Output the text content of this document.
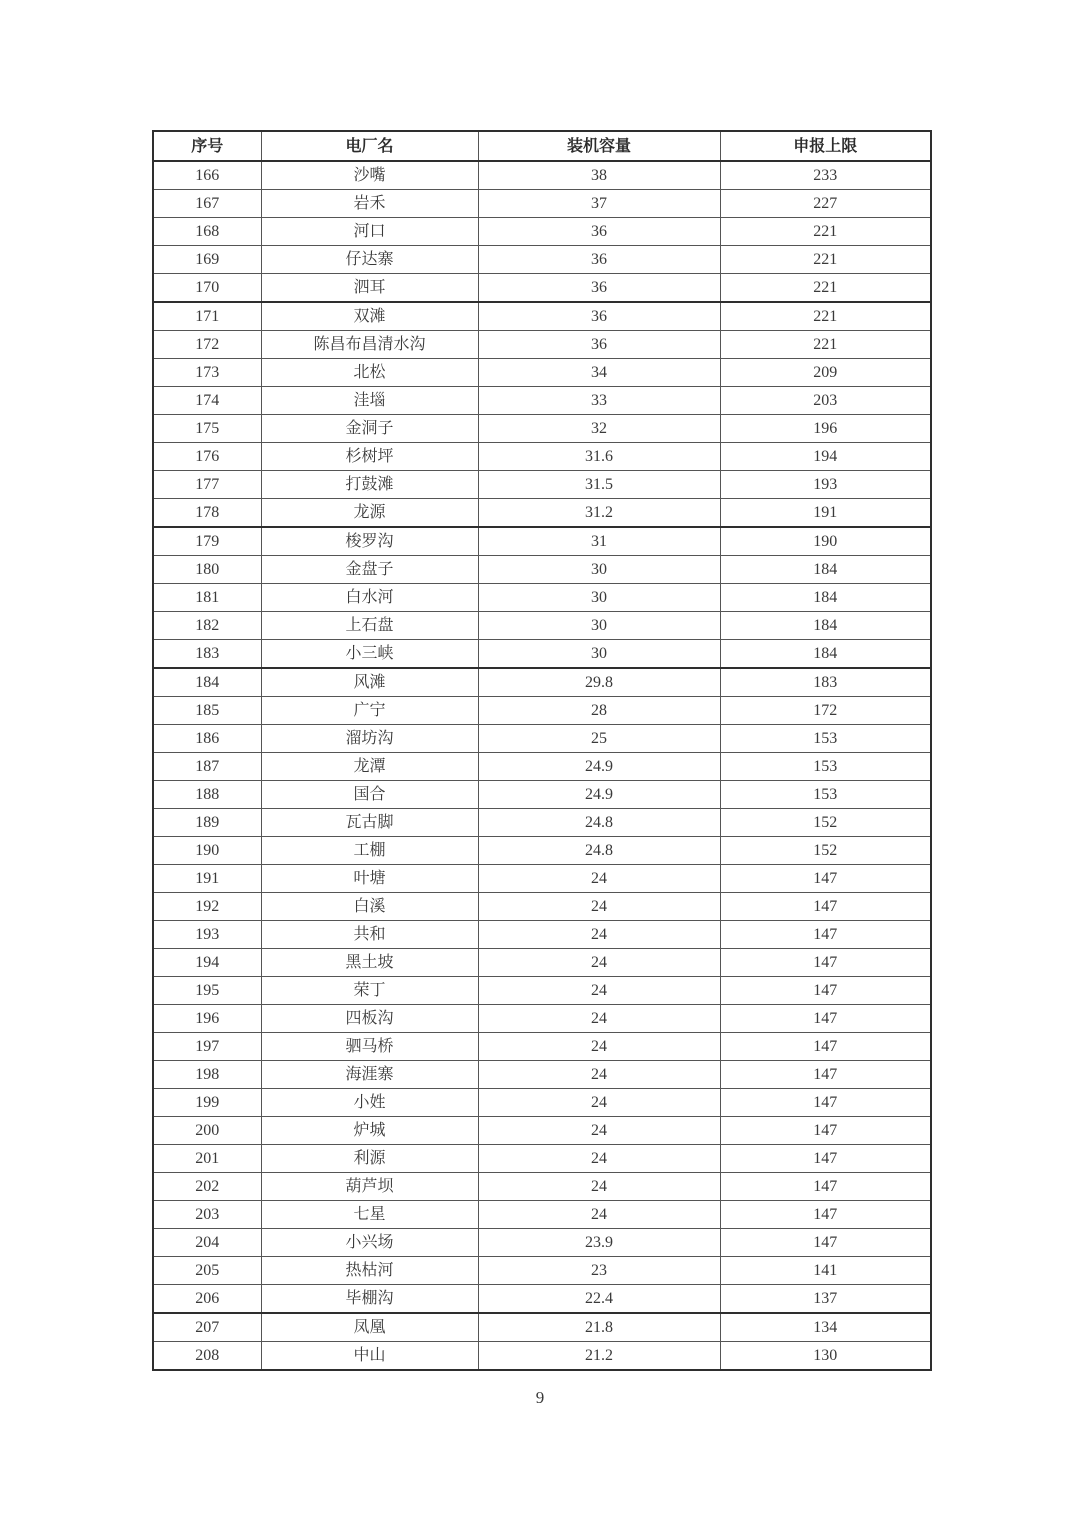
序号	电厂名	装机容量	申报上限
166	沙嘴	38	233
167	岩禾	37	227
168	河口	36	221
169	仔达寨	36	221
170	泗耳	36	221
171	双滩	36	221
172	陈昌布昌清水沟	36	221
173	北松	34	209
174	洼堖	33	203
175	金洞子	32	196
176	杉树坪	31.6	194
177	打鼓滩	31.5	193
178	龙源	31.2	191
179	梭罗沟	31	190
180	金盘子	30	184
181	白水河	30	184
182	上石盘	30	184
183	小三峡	30	184
184	风滩	29.8	183
185	广宁	28	172
186	溜坊沟	25	153
187	龙潭	24.9	153
188	国合	24.9	153
189	瓦古脚	24.8	152
190	工棚	24.8	152
191	叶塘	24	147
192	白溪	24	147
193	共和	24	147
194	黑土坡	24	147
195	荣丁	24	147
196	四板沟	24	147
197	驷马桥	24	147
198	海涯寨	24	147
199	小姓	24	147
200	炉城	24	147
201	利源	24	147
202	葫芦坝	24	147
203	七星	24	147
204	小兴场	23.9	147
205	热枯河	23	141
206	毕棚沟	22.4	137
207	凤凰	21.8	134
208	中山	21.2	130
9
